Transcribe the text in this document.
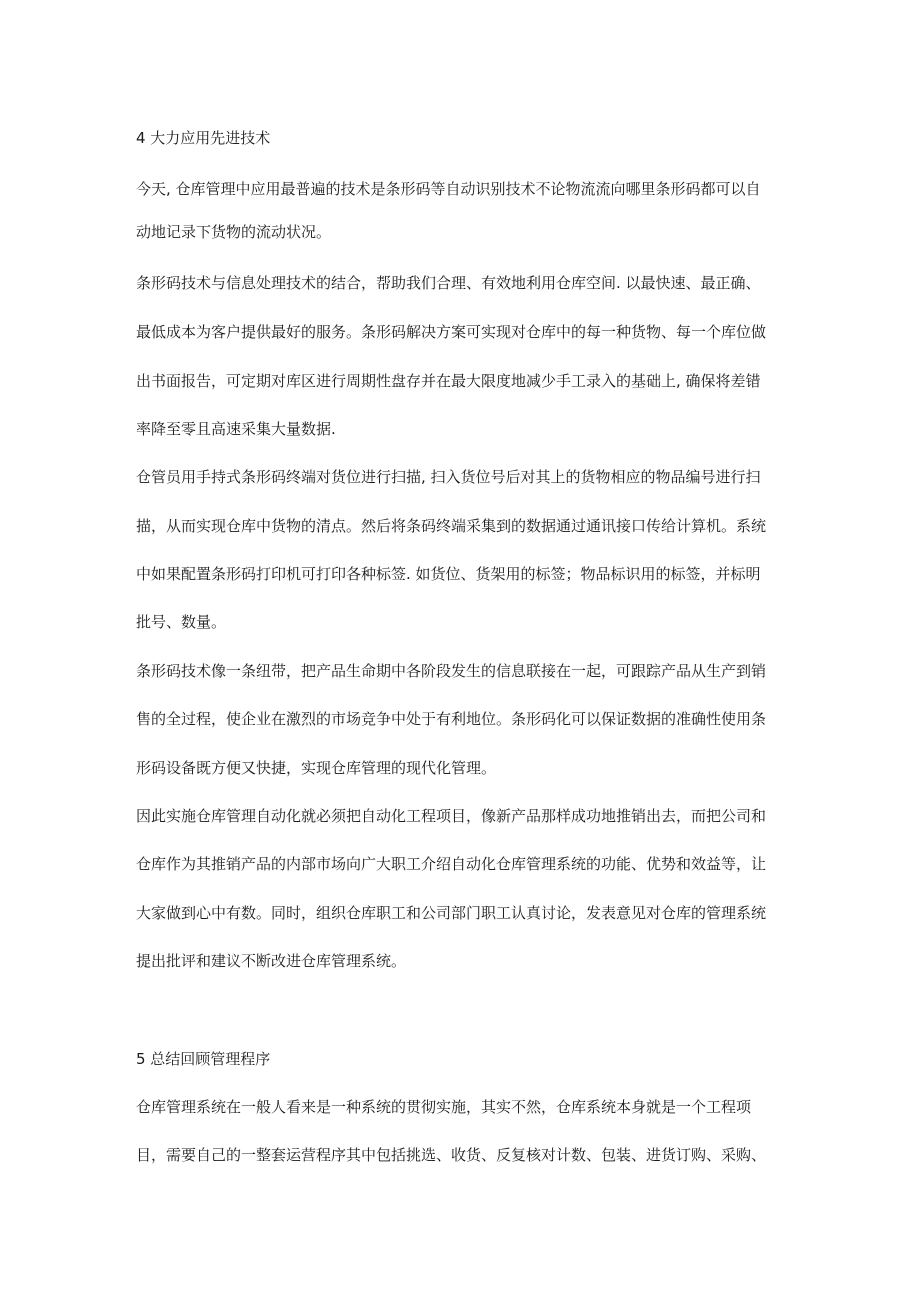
4 大力应用先进技术

今天, 仓库管理中应用最普遍的技术是条形码等自动识别技术不论物流流向哪里条形码都可以自

动地记录下货物的流动状况。

条形码技术与信息处理技术的结合，帮助我们合理、有效地利用仓库空间. 以最快速、最正确、

最低成本为客户提供最好的服务。条形码解决方案可实现对仓库中的每一种货物、每一个库位做

出书面报告，可定期对库区进行周期性盘存并在最大限度地减少手工录入的基础上, 确保将差错

率降至零且高速采集大量数据.

仓管员用手持式条形码终端对货位进行扫描, 扫入货位号后对其上的货物相应的物品编号进行扫

描，从而实现仓库中货物的清点。然后将条码终端采集到的数据通过通讯接口传给计算机。系统

中如果配置条形码打印机可打印各种标签. 如货位、货架用的标签；物品标识用的标签，并标明

批号、数量。

条形码技术像一条纽带，把产品生命期中各阶段发生的信息联接在一起，可跟踪产品从生产到销

售的全过程，使企业在激烈的市场竞争中处于有利地位。条形码化可以保证数据的准确性使用条

形码设备既方便又快捷，实现仓库管理的现代化管理。

因此实施仓库管理自动化就必须把自动化工程项目，像新产品那样成功地推销出去，而把公司和

仓库作为其推销产品的内部市场向广大职工介绍自动化仓库管理系统的功能、优势和效益等，让

大家做到心中有数。同时，组织仓库职工和公司部门职工认真讨论，发表意见对仓库的管理系统

提出批评和建议不断改进仓库管理系统。

5 总结回顾管理程序

仓库管理系统在一般人看来是一种系统的贯彻实施，其实不然，仓库系统本身就是一个工程项

目，需要自己的一整套运营程序其中包括挑选、收货、反复核对计数、包装、进货订购、采购、
